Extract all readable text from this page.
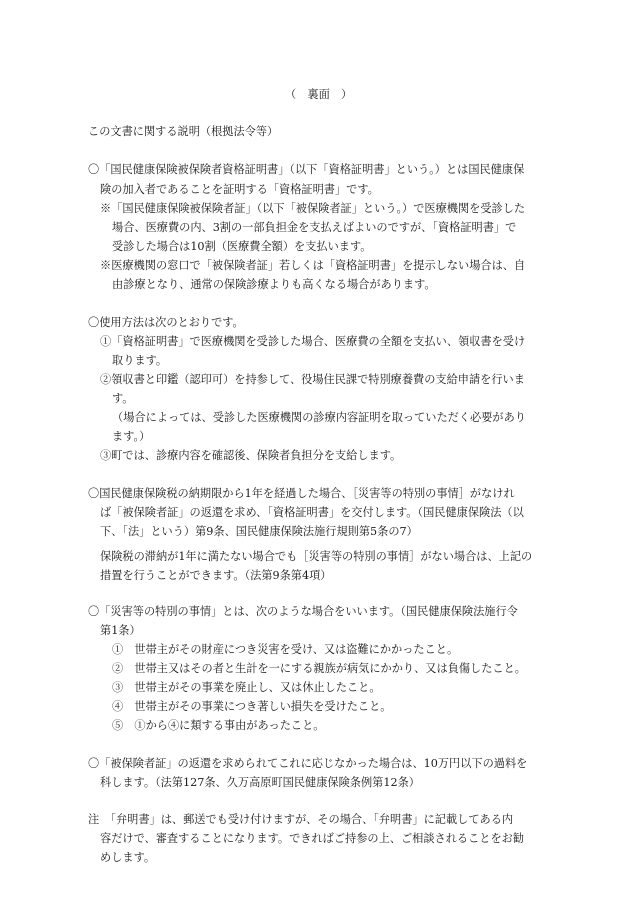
（　裏面　）
この文書に関する説明（根拠法令等）
〇「国民健康保険被保険者資格証明書」（以下「資格証明書」という。）とは国民健康保
険の加入者であることを証明する「資格証明書」です。
※「国民健康保険被保険者証」（以下「被保険者証」という。）で医療機関を受診した
場合、医療費の内、3割の一部負担金を支払えばよいのですが、「資格証明書」で
受診した場合は10割（医療費全額）を支払います。
※医療機関の窓口で「被保険者証」若しくは「資格証明書」を提示しない場合は、自
由診療となり、通常の保険診療よりも高くなる場合があります。
〇使用方法は次のとおりです。
①「資格証明書」で医療機関を受診した場合、医療費の全額を支払い、領収書を受け
取ります。
②領収書と印鑑（認印可）を持参して、役場住民課で特別療養費の支給申請を行いま
す。
（場合によっては、受診した医療機関の診療内容証明を取っていただく必要があり
ます。）
③町では、診療内容を確認後、保険者負担分を支給します。
〇国民健康保険税の納期限から1年を経過した場合、［災害等の特別の事情］がなけれ
ば「被保険者証」の返還を求め、「資格証明書」を交付します。（国民健康保険法（以
下、「法」という）第9条、国民健康保険法施行規則第5条の7）
保険税の滞納が1年に満たない場合でも［災害等の特別の事情］がない場合は、上記の
措置を行うことができます。（法第9条第4項）
〇「災害等の特別の事情」とは、次のような場合をいいます。（国民健康保険法施行令
第1条）
①　世帯主がその財産につき災害を受け、又は盗難にかかったこと。
②　世帯主又はその者と生計を一にする親族が病気にかかり、又は負傷したこと。
③　世帯主がその事業を廃止し、又は休止したこと。
④　世帯主がその事業につき著しい損失を受けたこと。
⑤　①から④に類する事由があったこと。
〇「被保険者証」の返還を求められてこれに応じなかった場合は、10万円以下の過料を
科します。（法第127条、久万高原町国民健康保険条例第12条）
注　「弁明書」は、郵送でも受け付けますが、その場合、「弁明書」に記載してある内
容だけで、審査することになります。できればご持参の上、ご相談されることをお勧
めします。
